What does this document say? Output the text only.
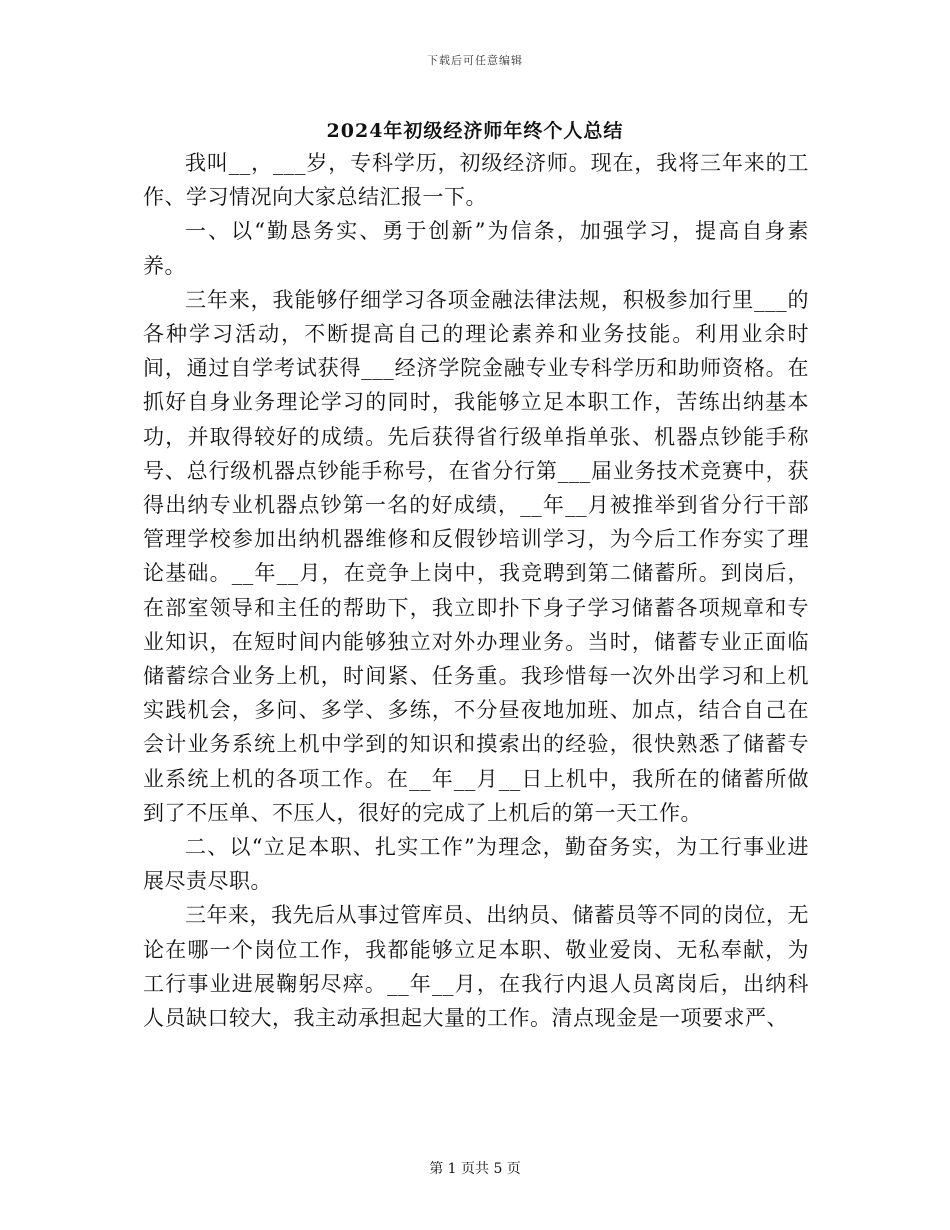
下载后可任意编辑
2024年初级经济师年终个人总结

我叫__，___岁，专科学历，初级经济师。现在，我将三年来的工作、学习情况向大家总结汇报一下。

一、以“勤恳务实、勇于创新”为信条，加强学习，提高自身素养。

三年来，我能够仔细学习各项金融法律法规，积极参加行里___的各种学习活动，不断提高自己的理论素养和业务技能。利用业余时间，通过自学考试获得___经济学院金融专业专科学历和助师资格。在抓好自身业务理论学习的同时，我能够立足本职工作，苦练出纳基本功，并取得较好的成绩。先后获得省行级单指单张、机器点钞能手称号、总行级机器点钞能手称号，在省分行第___届业务技术竞赛中，获得出纳专业机器点钞第一名的好成绩，__年__月被推举到省分行干部管理学校参加出纳机器维修和反假钞培训学习，为今后工作夯实了理论基础。__年__月，在竞争上岗中，我竞聘到第二储蓄所。到岗后，在部室领导和主任的帮助下，我立即扑下身子学习储蓄各项规章和专业知识，在短时间内能够独立对外办理业务。当时，储蓄专业正面临储蓄综合业务上机，时间紧、任务重。我珍惜每一次外出学习和上机实践机会，多问、多学、多练，不分昼夜地加班、加点，结合自己在会计业务系统上机中学到的知识和摸索出的经验，很快熟悉了储蓄专业系统上机的各项工作。在__年__月__日上机中，我所在的储蓄所做到了不压单、不压人，很好的完成了上机后的第一天工作。

二、以“立足本职、扎实工作”为理念，勤奋务实，为工行事业进展尽责尽职。

三年来，我先后从事过管库员、出纳员、储蓄员等不同的岗位，无论在哪一个岗位工作，我都能够立足本职、敬业爱岗、无私奉献，为工行事业进展鞠躬尽瘁。__年__月，在我行内退人员离岗后，出纳科人员缺口较大，我主动承担起大量的工作。清点现金是一项要求严、

第 1 页共 5 页
